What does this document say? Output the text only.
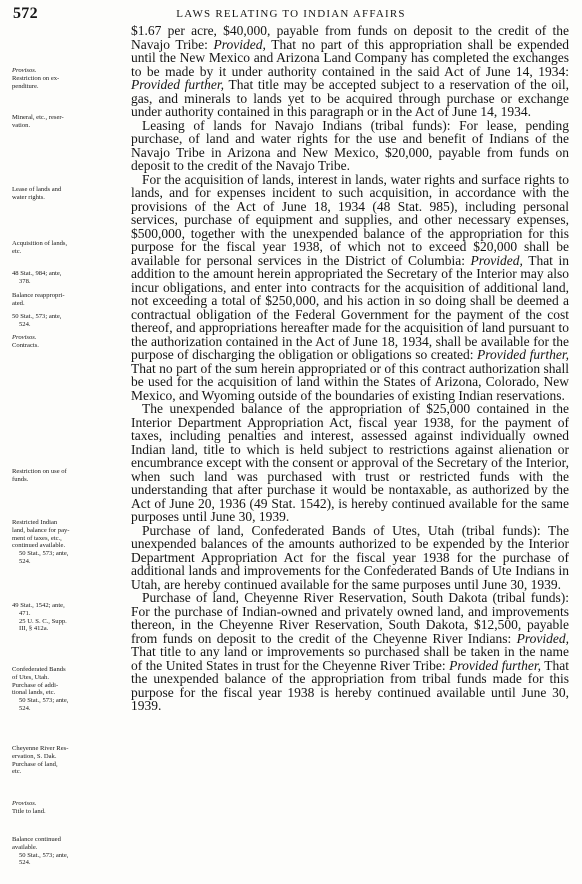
572	LAWS RELATING TO INDIAN AFFAIRS
Provisos.
Restriction on ex-
penditure.
Mineral, etc., reser-
vation.
Lease of lands and
water rights.
Acquisition of lands,
etc.
48 Stat., 984; ante,
378.
Balance reappropri-
ated.
50 Stat., 573; ante,
524.
Provisos.
Contracts.
Restriction on use of
funds.
Restricted Indian
land, balance for pay-
ment of taxes, etc.,
continued available.
50 Stat., 573; ante,
524.
49 Stat., 1542; ante,
471.
25 U. S. C., Supp.
III, § 412a.
Confederated Bands
of Utes, Utah.
Purchase of addi-
tional lands, etc.
50 Stat., 573; ante,
524.
Cheyenne River Res-
ervation, S. Dak.
Purchase of land,
etc.
Provisos.
Title to land.
Balance continued
available.
50 Stat., 573; ante,
524.

$1.67 per acre, $40,000, payable from funds on deposit to the credit of the Navajo Tribe: Provided, That no part of this appropriation shall be expended until the New Mexico and Arizona Land Company has completed the exchanges to be made by it under authority contained in the said Act of June 14, 1934: Provided further, That title may be accepted subject to a reservation of the oil, gas, and minerals to lands yet to be acquired through purchase or exchange under authority contained in this paragraph or in the Act of June 14, 1934.

Leasing of lands for Navajo Indians (tribal funds): For lease, pending purchase, of land and water rights for the use and benefit of Indians of the Navajo Tribe in Arizona and New Mexico, $20,000, payable from funds on deposit to the credit of the Navajo Tribe.

For the acquisition of lands, interest in lands, water rights and surface rights to lands, and for expenses incident to such acquisition, in accordance with the provisions of the Act of June 18, 1934 (48 Stat. 985), including personal services, purchase of equipment and supplies, and other necessary expenses, $500,000, together with the unexpended balance of the appropriation for this purpose for the fiscal year 1938, of which not to exceed $20,000 shall be available for personal services in the District of Columbia: Provided, That in addition to the amount herein appropriated the Secretary of the Interior may also incur obligations, and enter into contracts for the acquisition of additional land, not exceeding a total of $250,000, and his action in so doing shall be deemed a contractual obligation of the Federal Government for the payment of the cost thereof, and appropriations hereafter made for the acquisition of land pursuant to the authorization contained in the Act of June 18, 1934, shall be available for the purpose of discharging the obligation or obligations so created: Provided further, That no part of the sum herein appropriated or of this contract authorization shall be used for the acquisition of land within the States of Arizona, Colorado, New Mexico, and Wyoming outside of the boundaries of existing Indian reservations.

The unexpended balance of the appropriation of $25,000 contained in the Interior Department Appropriation Act, fiscal year 1938, for the payment of taxes, including penalties and interest, assessed against individually owned Indian land, title to which is held subject to restrictions against alienation or encumbrance except with the consent or approval of the Secretary of the Interior, when such land was purchased with trust or restricted funds with the understanding that after purchase it would be nontaxable, as authorized by the Act of June 20, 1936 (49 Stat. 1542), is hereby continued available for the same purposes until June 30, 1939.

Purchase of land, Confederated Bands of Utes, Utah (tribal funds): The unexpended balances of the amounts authorized to be expended by the Interior Department Appropriation Act for the fiscal year 1938 for the purchase of additional lands and improvements for the Confederated Bands of Ute Indians in Utah, are hereby continued available for the same purposes until June 30, 1939.

Purchase of land, Cheyenne River Reservation, South Dakota (tribal funds): For the purchase of Indian-owned and privately owned land, and improvements thereon, in the Cheyenne River Reservation, South Dakota, $12,500, payable from funds on deposit to the credit of the Cheyenne River Indians: Provided, That title to any land or improvements so purchased shall be taken in the name of the United States in trust for the Cheyenne River Tribe: Provided further, That the unexpended balance of the appropriation from tribal funds made for this purpose for the fiscal year 1938 is hereby continued available until June 30, 1939.
